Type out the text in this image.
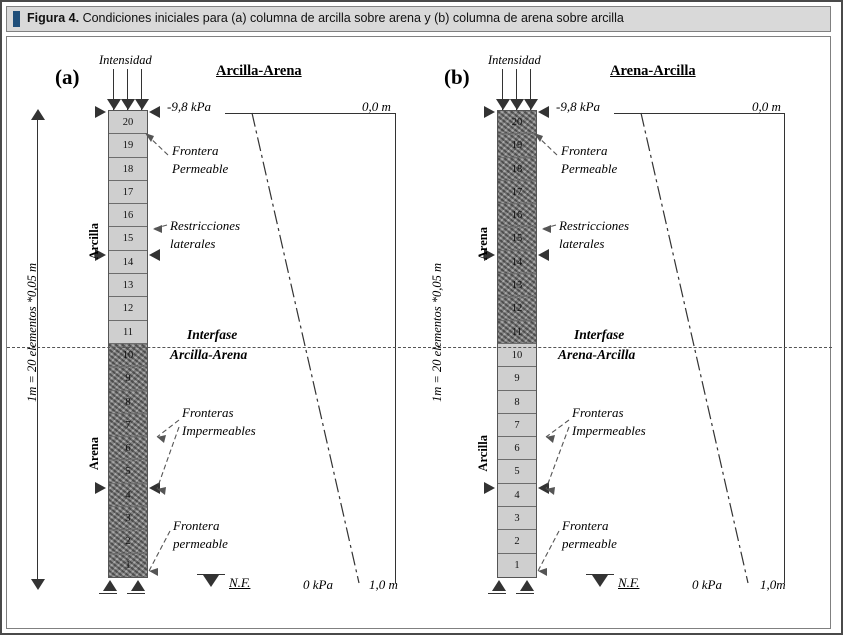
Figura 4. Condiciones iniciales para (a) columna de arcilla sobre arena y (b) columna de arena sobre arcilla
(a)
Intensidad
Arcilla-Arena
20
19
18
17
16
15
14
13
12
11
10
9
8
7
6
5
4
3
2
1
Arcilla
Arena
1m = 20 elementos *0,05 m
-9,8 kPa	0,0 m
0 kPa	1,0 m
Frontera
Permeable
Restricciones
laterales
Interfase
Arcilla-Arena
Fronteras
Impermeables
Frontera
permeable
N.F.
(b)
Intensidad
Arena-Arcilla
20
19
18
17
16
15
14
13
12
11
10
9
8
7
6
5
4
3
2
1
Arena
Arcilla
1m = 20 elementos *0,05 m
-9,8 kPa	0,0 m
0 kPa	1,0m
Frontera
Permeable
Restricciones
laterales
Interfase
Arena-Arcilla
Fronteras
Impermeables
Frontera
permeable
N.F.
